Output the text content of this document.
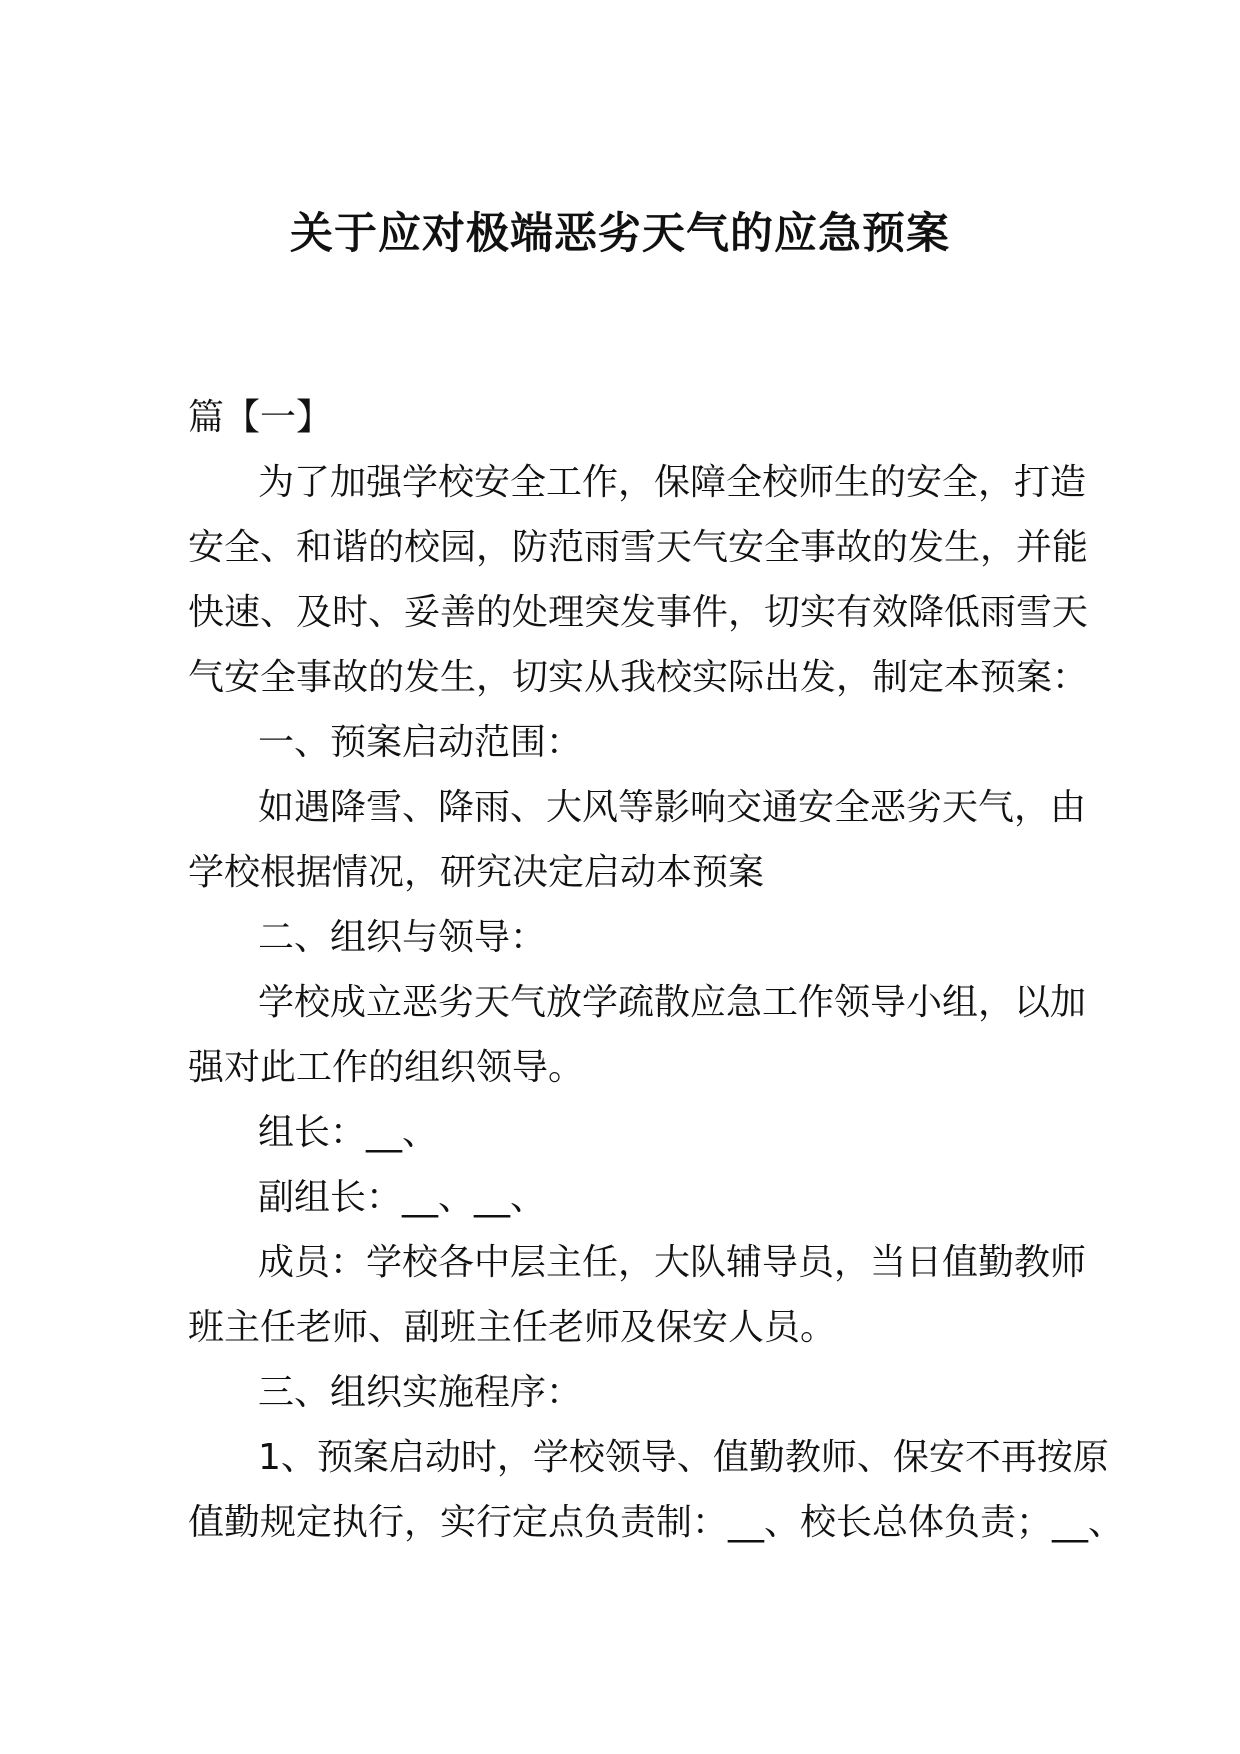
关于应对极端恶劣天气的应急预案
篇【一】
为了加强学校安全工作，保障全校师生的安全，打造
安全、和谐的校园，防范雨雪天气安全事故的发生，并能
快速、及时、妥善的处理突发事件，切实有效降低雨雪天
气安全事故的发生，切实从我校实际出发，制定本预案：
一、预案启动范围：
如遇降雪、降雨、大风等影响交通安全恶劣天气，由
学校根据情况，研究决定启动本预案
二、组织与领导：
学校成立恶劣天气放学疏散应急工作领导小组，以加
强对此工作的组织领导。
组长：__、
副组长：__、__、
成员：学校各中层主任，大队辅导员，当日值勤教师
班主任老师、副班主任老师及保安人员。
三、组织实施程序：
1、预案启动时，学校领导、值勤教师、保安不再按原
值勤规定执行，实行定点负责制：__、校长总体负责；__、
